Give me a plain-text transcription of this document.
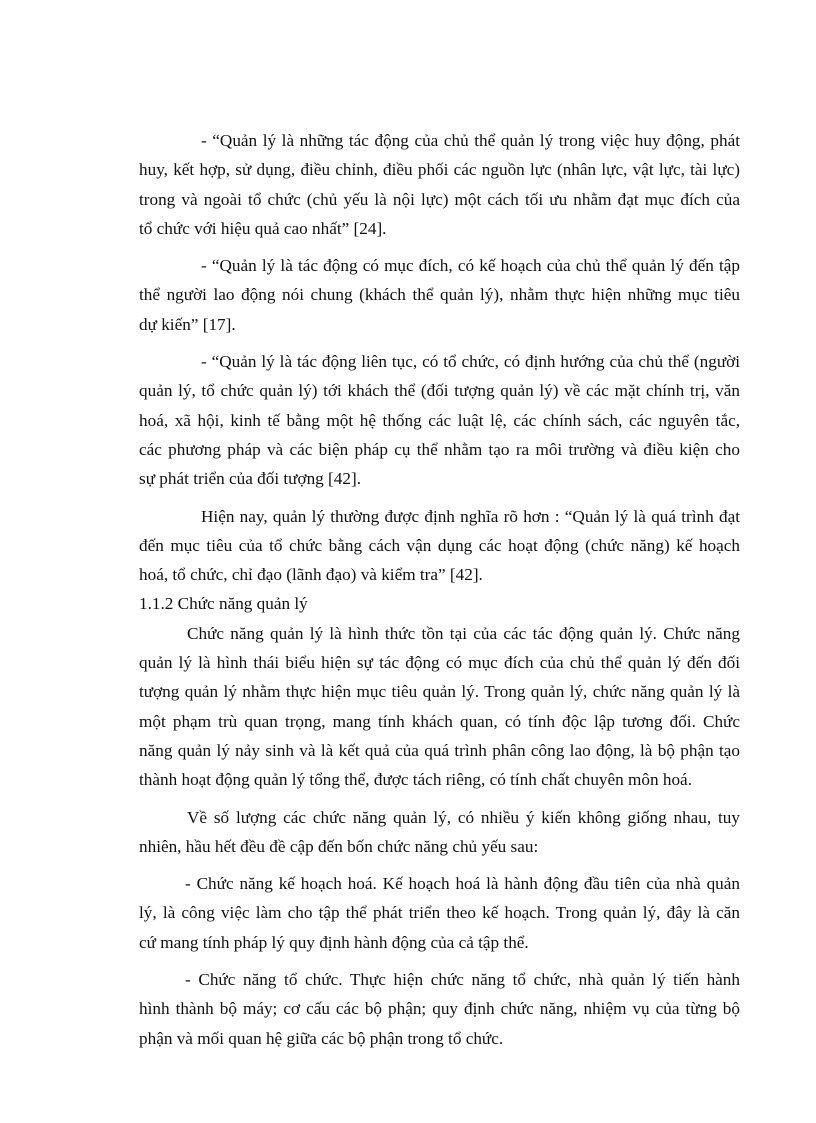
- “Quản lý là những tác động của chủ thể quản lý trong việc huy động, phát
huy, kết hợp, sử dụng, điều chỉnh, điều phối các nguồn lực (nhân lực, vật lực, tài lực)
trong và ngoài tổ chức (chủ yếu là nội lực) một cách tối ưu nhằm đạt mục đích của
tổ chức với hiệu quả cao nhất” [24].
- “Quản lý là tác động có mục đích, có kế hoạch của chủ thể quản lý đến tập
thể người lao động nói chung (khách thể quản lý), nhằm thực hiện những mục tiêu
dự kiến” [17].
- “Quản lý là tác động liên tục, có tổ chức, có định hướng của chủ thể (người
quản lý, tổ chức quản lý) tới khách thể (đối tượng quản lý) về các mặt chính trị, văn
hoá, xã hội, kinh tế bằng một hệ thống các luật lệ, các chính sách, các nguyên tắc,
các phương pháp và các biện pháp cụ thể nhằm tạo ra môi trường và điều kiện cho
sự phát triển của đối tượng [42].
Hiện nay, quản lý thường được định nghĩa rõ hơn : “Quản lý là quá trình đạt
đến mục tiêu của tổ chức bằng cách vận dụng các hoạt động (chức năng) kế hoạch
hoá, tổ chức, chỉ đạo (lãnh đạo) và kiểm tra” [42].
1.1.2 Chức năng quản lý
Chức năng quản lý là hình thức tồn tại của các tác động quản lý. Chức năng
quản lý là hình thái biểu hiện sự tác động có mục đích của chủ thể quản lý đến đối
tượng quản lý nhằm thực hiện mục tiêu quản lý. Trong quản lý, chức năng quản lý là
một phạm trù quan trọng, mang tính khách quan, có tính độc lập tương đối. Chức
năng quản lý nảy sinh và là kết quả của quá trình phân công lao động, là bộ phận tạo
thành hoạt động quản lý tổng thể, được tách riêng, có tính chất chuyên môn hoá.
Về số lượng các chức năng quản lý, có nhiều ý kiến không giống nhau, tuy
nhiên, hầu hết đều đề cập đến bốn chức năng chủ yếu sau:
- Chức năng kế hoạch hoá. Kế hoạch hoá là hành động đầu tiên của nhà quản
lý, là công việc làm cho tập thể phát triển theo kế hoạch. Trong quản lý, đây là căn
cứ mang tính pháp lý quy định hành động của cả tập thể.
- Chức năng tổ chức. Thực hiện chức năng tổ chức, nhà quản lý tiến hành
hình thành bộ máy; cơ cấu các bộ phận; quy định chức năng, nhiệm vụ của từng bộ
phận và mối quan hệ giữa các bộ phận trong tổ chức.
